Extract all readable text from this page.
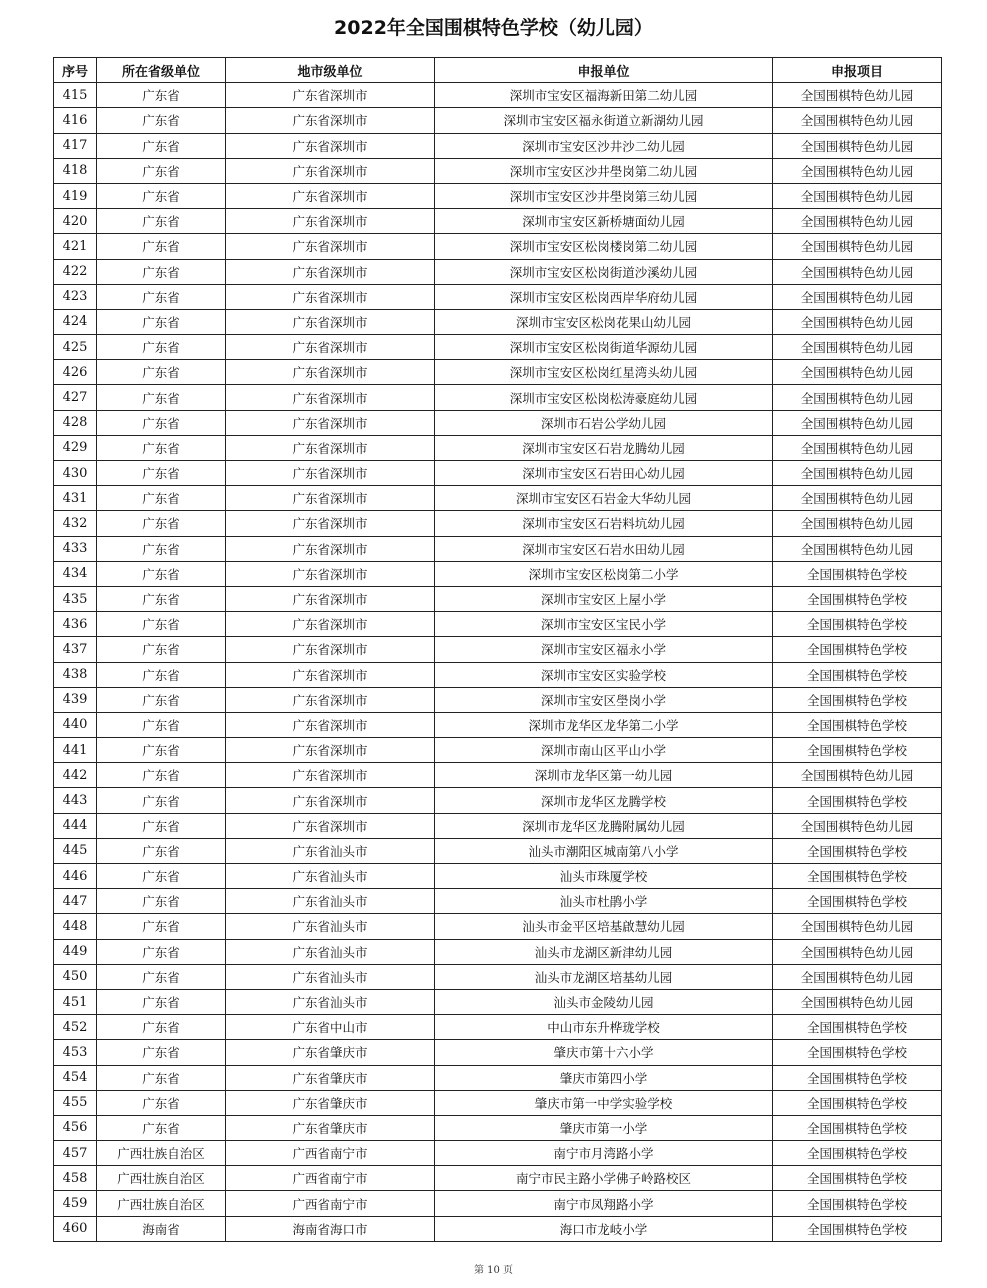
2022年全国围棋特色学校（幼儿园）
序号	所在省级单位	地市级单位	申报单位	申报项目
415	广东省	广东省深圳市	深圳市宝安区福海新田第二幼儿园	全国围棋特色幼儿园
416	广东省	广东省深圳市	深圳市宝安区福永街道立新湖幼儿园	全国围棋特色幼儿园
417	广东省	广东省深圳市	深圳市宝安区沙井沙二幼儿园	全国围棋特色幼儿园
418	广东省	广东省深圳市	深圳市宝安区沙井壆岗第二幼儿园	全国围棋特色幼儿园
419	广东省	广东省深圳市	深圳市宝安区沙井壆岗第三幼儿园	全国围棋特色幼儿园
420	广东省	广东省深圳市	深圳市宝安区新桥塘面幼儿园	全国围棋特色幼儿园
421	广东省	广东省深圳市	深圳市宝安区松岗楼岗第二幼儿园	全国围棋特色幼儿园
422	广东省	广东省深圳市	深圳市宝安区松岗街道沙溪幼儿园	全国围棋特色幼儿园
423	广东省	广东省深圳市	深圳市宝安区松岗西岸华府幼儿园	全国围棋特色幼儿园
424	广东省	广东省深圳市	深圳市宝安区松岗花果山幼儿园	全国围棋特色幼儿园
425	广东省	广东省深圳市	深圳市宝安区松岗街道华源幼儿园	全国围棋特色幼儿园
426	广东省	广东省深圳市	深圳市宝安区松岗红星湾头幼儿园	全国围棋特色幼儿园
427	广东省	广东省深圳市	深圳市宝安区松岗松涛豪庭幼儿园	全国围棋特色幼儿园
428	广东省	广东省深圳市	深圳市石岩公学幼儿园	全国围棋特色幼儿园
429	广东省	广东省深圳市	深圳市宝安区石岩龙腾幼儿园	全国围棋特色幼儿园
430	广东省	广东省深圳市	深圳市宝安区石岩田心幼儿园	全国围棋特色幼儿园
431	广东省	广东省深圳市	深圳市宝安区石岩金大华幼儿园	全国围棋特色幼儿园
432	广东省	广东省深圳市	深圳市宝安区石岩料坑幼儿园	全国围棋特色幼儿园
433	广东省	广东省深圳市	深圳市宝安区石岩水田幼儿园	全国围棋特色幼儿园
434	广东省	广东省深圳市	深圳市宝安区松岗第二小学	全国围棋特色学校
435	广东省	广东省深圳市	深圳市宝安区上屋小学	全国围棋特色学校
436	广东省	广东省深圳市	深圳市宝安区宝民小学	全国围棋特色学校
437	广东省	广东省深圳市	深圳市宝安区福永小学	全国围棋特色学校
438	广东省	广东省深圳市	深圳市宝安区实验学校	全国围棋特色学校
439	广东省	广东省深圳市	深圳市宝安区壆岗小学	全国围棋特色学校
440	广东省	广东省深圳市	深圳市龙华区龙华第二小学	全国围棋特色学校
441	广东省	广东省深圳市	深圳市南山区平山小学	全国围棋特色学校
442	广东省	广东省深圳市	深圳市龙华区第一幼儿园	全国围棋特色幼儿园
443	广东省	广东省深圳市	深圳市龙华区龙腾学校	全国围棋特色学校
444	广东省	广东省深圳市	深圳市龙华区龙腾附属幼儿园	全国围棋特色幼儿园
445	广东省	广东省汕头市	汕头市潮阳区城南第八小学	全国围棋特色学校
446	广东省	广东省汕头市	汕头市珠厦学校	全国围棋特色学校
447	广东省	广东省汕头市	汕头市杜鹃小学	全国围棋特色学校
448	广东省	广东省汕头市	汕头市金平区培基啟慧幼儿园	全国围棋特色幼儿园
449	广东省	广东省汕头市	汕头市龙湖区新津幼儿园	全国围棋特色幼儿园
450	广东省	广东省汕头市	汕头市龙湖区培基幼儿园	全国围棋特色幼儿园
451	广东省	广东省汕头市	汕头市金陵幼儿园	全国围棋特色幼儿园
452	广东省	广东省中山市	中山市东升桦珑学校	全国围棋特色学校
453	广东省	广东省肇庆市	肇庆市第十六小学	全国围棋特色学校
454	广东省	广东省肇庆市	肇庆市第四小学	全国围棋特色学校
455	广东省	广东省肇庆市	肇庆市第一中学实验学校	全国围棋特色学校
456	广东省	广东省肇庆市	肇庆市第一小学	全国围棋特色学校
457	广西壮族自治区	广西省南宁市	南宁市月湾路小学	全国围棋特色学校
458	广西壮族自治区	广西省南宁市	南宁市民主路小学佛子岭路校区	全国围棋特色学校
459	广西壮族自治区	广西省南宁市	南宁市凤翔路小学	全国围棋特色学校
460	海南省	海南省海口市	海口市龙岐小学	全国围棋特色学校
第 10 页
